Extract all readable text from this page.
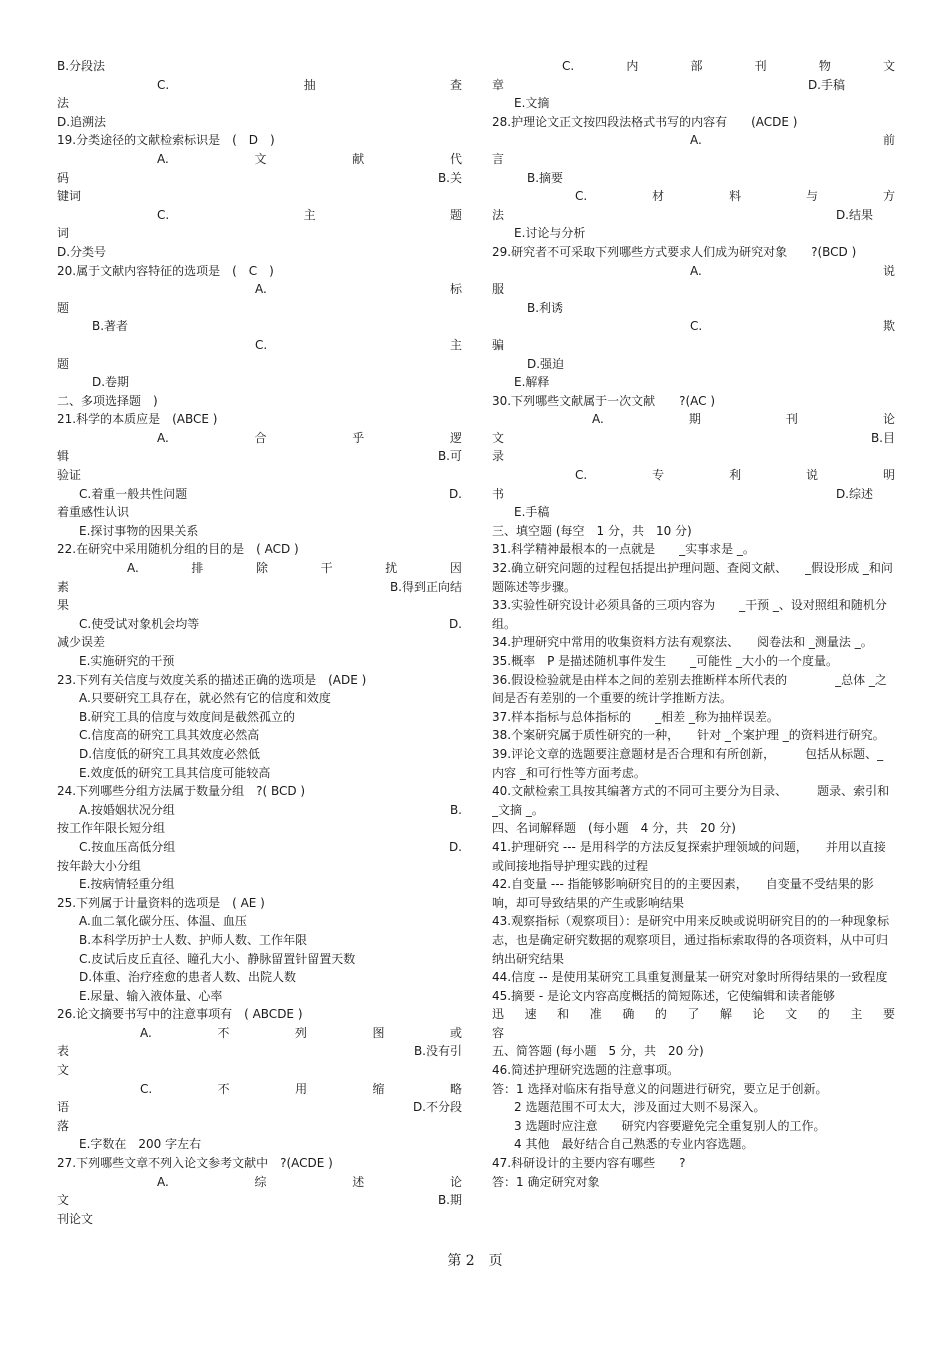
B.分段法
C.	抽	查
法
D.追溯法
19.分类途径的文献检索标识是　(　D　)
A.	文	献	代
码	B.关
键词
C.	主	题
词
D.分类号
20.属于文献内容特征的选项是　(　C　)
A.	标
题
B.著者
C.	主
题
D.卷期
二、多项选择题　)
21.科学的本质应是　(ABCE )
A.	合	乎	逻
辑	B.可
验证
C.着重一般共性问题	D.
着重感性认识
E.探讨事物的因果关系
22.在研究中采用随机分组的目的是　( ACD )
A.	排	除	干	扰	因
素	B.得到正向结
果
C.使受试对象机会均等	D.
减少误差
E.实施研究的干预
23.下列有关信度与效度关系的描述正确的选项是　(ADE )
A.只要研究工具存在，就必然有它的信度和效度
B.研究工具的信度与效度间是截然孤立的
C.信度高的研究工具其效度必然高
D.信度低的研究工具其效度必然低
E.效度低的研究工具其信度可能较高
24.下列哪些分组方法属于数量分组　?( BCD )
A.按婚姻状况分组	B.
按工作年限长短分组
C.按血压高低分组	D.
按年龄大小分组
E.按病情轻重分组
25.下列属于计量资料的选项是　( AE )
A.血二氧化碳分压、体温、血压
B.本科学历护士人数、护师人数、工作年限
C.皮试后皮丘直径、瞳孔大小、静脉留置针留置天数
D.体重、治疗痊愈的患者人数、出院人数
E.尿量、输入液体量、心率
26.论文摘要书写中的注意事项有　( ABCDE )
A.	不	列	图	或
表	B.没有引
文
C.	不	用	缩	略
语	D.不分段
落
E.字数在　200 字左右
27.下列哪些文章不列入论文参考文献中　?(ACDE )
A.	综	述	论
文	B.期
刊论文
C.	内	部	刊	物	文
章	D.手稿
E.文摘
28.护理论文正文按四段法格式书写的内容有　　(ACDE )
A.	前
言
B.摘要
C.	材	料	与	方
法	D.结果
E.讨论与分析
29.研究者不可采取下列哪些方式要求人们成为研究对象　　?(BCD )
A.	说
服
B.利诱
C.	欺
骗
D.强迫
E.解释
30.下列哪些文献属于一次文献　　?(AC )
A.	期	刊	论
文	B.目
录
C.	专	利	说	明
书	D.综述
E.手稿
三、填空题 (每空　1 分，共　10 分)
31.科学精神最根本的一点就是　　_实事求是 _。
32.确立研究问题的过程包括提出护理问题、查阅文献、　　_假设形成 _和问题陈述等步骤。
33.实验性研究设计必须具备的三项内容为　　_干预 _、设对照组和随机分组。
34.护理研究中常用的收集资料方法有观察法、　　阅卷法和 _测量法 _。
35.概率　P 是描述随机事件发生　　_可能性 _大小的一个度量。
36.假设检验就是由样本之间的差别去推断样本所代表的　　　　_总体 _之间是否有差别的一个重要的统计学推断方法。
37.样本指标与总体指标的　　_相差 _称为抽样误差。
38.个案研究属于质性研究的一种，　　针对 _个案护理 _的资料进行研究。
39.评论文章的选题要注意题材是否合理和有所创新，　　　包括从标题、_内容 _和可行性等方面考虑。
40.文献检索工具按其编著方式的不同可主要分为目录、　　　题录、索引和 _文摘 _。
四、名词解释题　(每小题　4 分，共　20 分)
41.护理研究 --- 是用科学的方法反复探索护理领域的问题，　　并用以直接或间接地指导护理实践的过程
42.自变量 --- 指能够影响研究目的的主要因素，　　自变量不受结果的影响，却可导致结果的产生或影响结果
43.观察指标（观察项目）：是研究中用来反映或说明研究目的的一种现象标志，也是确定研究数据的观察项目，通过指标索取得的各项资料，从中可归纳出研究结果
44.信度 -- 是使用某研究工具重复测量某一研究对象时所得结果的一致程度
45.摘要 - 是论文内容高度概括的简短陈述，它使编辑和读者能够
迅 速 和 准 确 的 了 解 论 文 的 主 要
容
五、简答题 (每小题　5 分，共　20 分)
46.简述护理研究选题的注意事项。
答：1 选择对临床有指导意义的问题进行研究，要立足于创新。
2 选题范围不可太大，涉及面过大则不易深入。
3 选题时应注意　　研究内容要避免完全重复别人的工作。
4 其他　最好结合自己熟悉的专业内容选题。
47.科研设计的主要内容有哪些　　?
答：1 确定研究对象
第 2　页
